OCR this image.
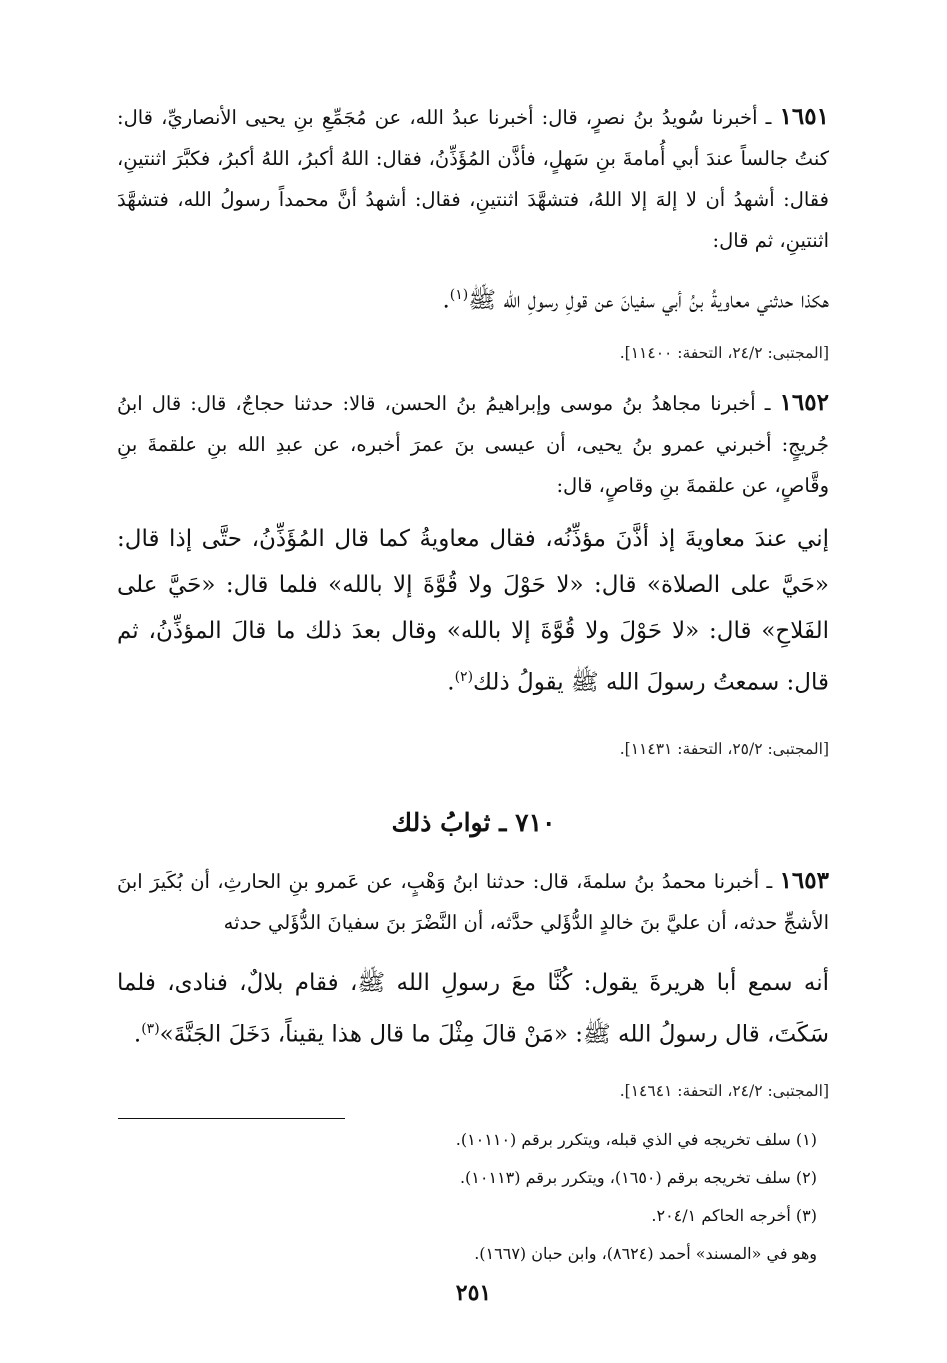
١٦٥١ ـ أخبرنا سُويدُ بنُ نصرٍ، قال: أخبرنا عبدُ الله، عن مُجَمِّعِ بنِ يحيى الأنصاريِّ، قال: كنتُ جالساً عندَ أبي أُمامةَ بنِ سَهلٍ، فأذَّن المُؤَذِّنُ، فقال: اللهُ أكبرُ، اللهُ أكبرُ، فكبَّرَ اثنتينِ، فقال: أشهدُ أن لا إلهَ إلا اللهُ، فتشهَّدَ اثنتينِ، فقال: أشهدُ أنَّ محمداً رسولُ الله، فتشهَّدَ اثنتينِ، ثم قال:
هكذا حدثني معاويةُ بنُ أبي سفيانَ عن قولِ رسولِ الله ﷺ$^{(١)}$.
[المجتبى: ٢٤/٢، التحفة: ١١٤٠٠].
١٦٥٢ ـ أخبرنا مجاهدُ بنُ موسى وإبراهيمُ بنُ الحسن، قالا: حدثنا حجاجٌ، قال: قال ابنُ جُريجٍ: أخبرني عمرو بنُ يحيى، أن عيسى بنَ عمرَ أخبره، عن عبدِ الله بنِ علقمةَ بنِ وقَّاصٍ، عن علقمةَ بنِ وقاصٍ، قال:
إني عندَ معاويةَ إذ أذَّنَ مؤذِّنُه، فقال معاويةُ كما قال المُؤَذِّنُ، حتَّى إذا قال: «حَيَّ على الصلاة» قال: «لا حَوْلَ ولا قُوَّةَ إلا بالله» فلما قال: «حَيَّ على الفَلاحِ» قال: «لا حَوْلَ ولا قُوَّةَ إلا بالله» وقال بعدَ ذلك ما قالَ المؤذِّنُ، ثم قال: سمعتُ رسولَ الله ﷺ يقولُ ذلك$^{(٢)}$.
[المجتبى: ٢٥/٢، التحفة: ١١٤٣١].
٧١٠ ـ ثوابُ ذلك
١٦٥٣ ـ أخبرنا محمدُ بنُ سلمةَ، قال: حدثنا ابنُ وَهْبٍ، عن عَمرو بنِ الحارثِ، أن بُكَيرَ ابنَ الأشجِّ حدثه، أن عليَّ بنَ خالدٍ الدُّؤَلي حدَّثه، أن النَّضْرَ بنَ سفيانَ الدُّؤَلي حدثه
أنه سمع أبا هريرةَ يقول: كُنَّا معَ رسولِ الله ﷺ، فقام بلالٌ، فنادى، فلما سَكَتَ، قال رسولُ الله ﷺ: «مَنْ قالَ مِثْلَ ما قال هذا يقيناً، دَخَلَ الجَنَّةَ»$^{(٣)}$.
[المجتبى: ٢٤/٢، التحفة: ١٤٦٤١].
(١) سلف تخريجه في الذي قبله، ويتكرر برقم (١٠١١٠).
(٢) سلف تخريجه برقم (١٦٥٠)، ويتكرر برقم (١٠١١٣).
(٣) أخرجه الحاكم ٢٠٤/١.
وهو في «المسند» أحمد (٨٦٢٤)، وابن حبان (١٦٦٧).
٢٥١
